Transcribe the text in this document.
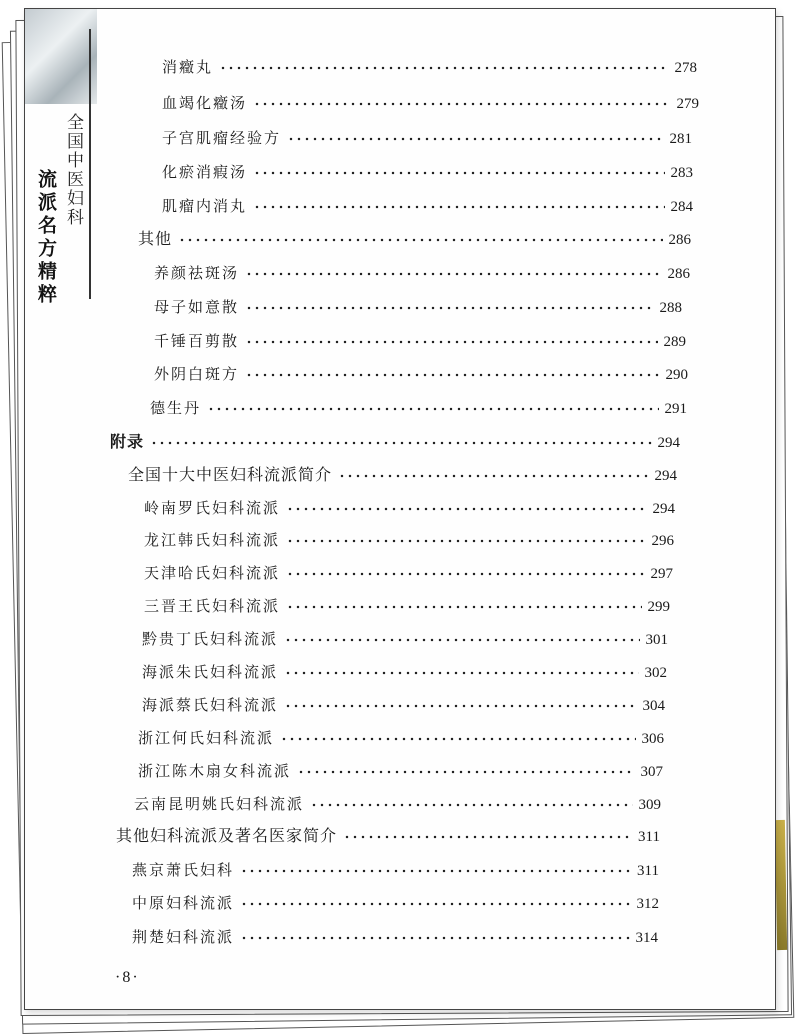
全国中医妇科
流派名方精粹
消癥丸	278
血竭化癥汤	279
子宫肌瘤经验方	281
化瘀消瘕汤	283
肌瘤内消丸	284
其他	286
养颜祛斑汤	286
母子如意散	288
千锤百剪散	289
外阴白斑方	290
德生丹	291
附录	294
全国十大中医妇科流派简介	294
岭南罗氏妇科流派	294
龙江韩氏妇科流派	296
天津哈氏妇科流派	297
三晋王氏妇科流派	299
黔贵丁氏妇科流派	301
海派朱氏妇科流派	302
海派蔡氏妇科流派	304
浙江何氏妇科流派	306
浙江陈木扇女科流派	307
云南昆明姚氏妇科流派	309
其他妇科流派及著名医家简介	311
燕京萧氏妇科	311
中原妇科流派	312
荆楚妇科流派	314
·8·
